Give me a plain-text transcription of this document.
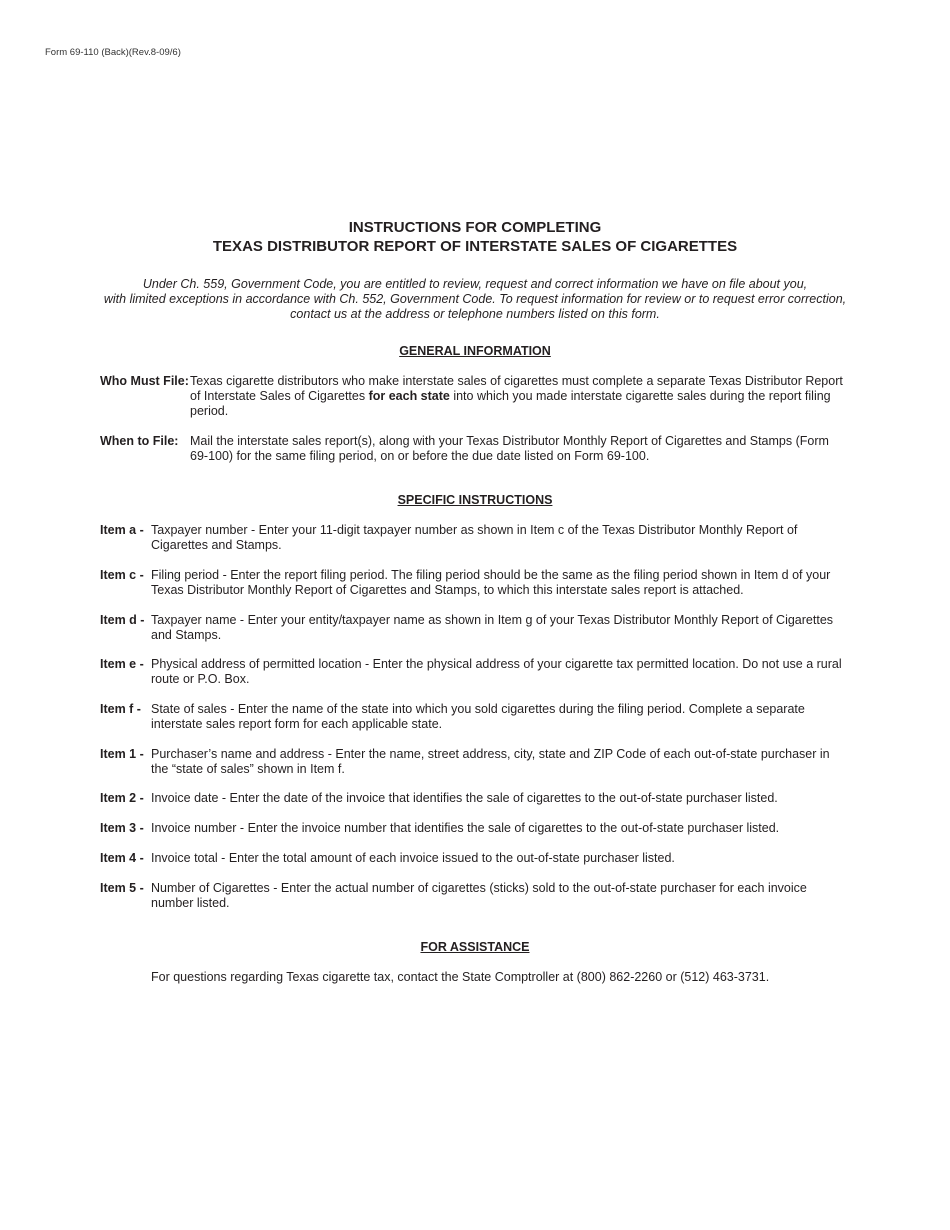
Form 69-110 (Back)(Rev.8-09/6)
INSTRUCTIONS FOR COMPLETING
TEXAS DISTRIBUTOR REPORT OF INTERSTATE SALES OF CIGARETTES
Under Ch. 559, Government Code, you are entitled to review, request and correct information we have on file about you,
with limited exceptions in accordance with Ch. 552, Government Code. To request information for review or to request error correction,
contact us at the address or telephone numbers listed on this form.
GENERAL INFORMATION
Who Must File: Texas cigarette distributors who make interstate sales of cigarettes must complete a separate Texas Distributor Report of Interstate Sales of Cigarettes for each state into which you made interstate cigarette sales during the report filing period.
When to File: Mail the interstate sales report(s), along with your Texas Distributor Monthly Report of Cigarettes and Stamps (Form 69-100) for the same filing period, on or before the due date listed on Form 69-100.
SPECIFIC INSTRUCTIONS
Item a - Taxpayer number - Enter your 11-digit taxpayer number as shown in Item c of the Texas Distributor Monthly Report of Cigarettes and Stamps.
Item c - Filing period - Enter the report filing period. The filing period should be the same as the filing period shown in Item d of your Texas Distributor Monthly Report of Cigarettes and Stamps, to which this interstate sales report is attached.
Item d - Taxpayer name - Enter your entity/taxpayer name as shown in Item g of your Texas Distributor Monthly Report of Cigarettes and Stamps.
Item e - Physical address of permitted location - Enter the physical address of your cigarette tax permitted location. Do not use a rural route or P.O. Box.
Item f - State of sales - Enter the name of the state into which you sold cigarettes during the filing period. Complete a separate interstate sales report form for each applicable state.
Item 1 - Purchaser’s name and address - Enter the name, street address, city, state and ZIP Code of each out-of-state purchaser in the “state of sales” shown in Item f.
Item 2 - Invoice date - Enter the date of the invoice that identifies the sale of cigarettes to the out-of-state purchaser listed.
Item 3 - Invoice number - Enter the invoice number that identifies the sale of cigarettes to the out-of-state purchaser listed.
Item 4 - Invoice total - Enter the total amount of each invoice issued to the out-of-state purchaser listed.
Item 5 - Number of Cigarettes - Enter the actual number of cigarettes (sticks) sold to the out-of-state purchaser for each invoice number listed.
FOR ASSISTANCE
For questions regarding Texas cigarette tax, contact the State Comptroller at (800) 862-2260 or (512) 463-3731.
